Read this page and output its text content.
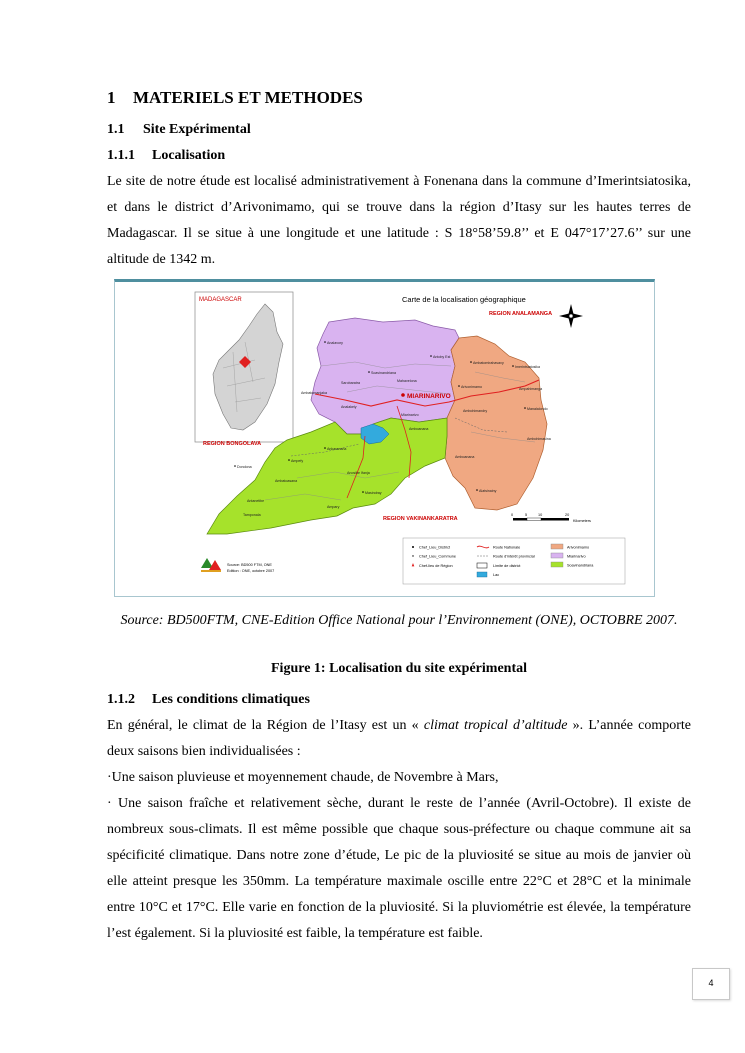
1 MATERIELS ET METHODES
1.1 Site Expérimental
1.1.1 Localisation
Le site de notre étude est localisé administrativement à Fonenana dans la commune d’Imerintsiatosika, et dans le district d’Arivonimamo, qui se trouve dans la région d’Itasy sur les hautes terres de Madagascar. Il se situe à une longitude et une latitude : S 18°58’59.8’’ et E 047°17’27.6’’ sur une altitude de 1342 m.
MADAGASCAR	Carte de la localisation géographique
REGION ANALAMANGA
REGION BONGOLAVA
REGION VAKINANKARATRA
MIARINARIVO
Analavory
Soavinandriana
Mahavelona
Antoby Est
Sarobaratra
Ambatomanjaka
Amboanana
Analakely
Miarinarivo
Ambatomirahavavy
Arivonimamo
Imerintsiatosika
Ampahimanga
Ambohimandry	Manalalondo
Ambohimasina
Amboanana
Alatsinainy
Ampefy
Ankaranana
Dondona
Antanetibe
Masindray
Anosibe Ifanja
Ampary
Ambatoasana
Tamponala	0	5	10	20
Kilometers
Chef_Lieu_District
Chef_Lieu_Commune
Chef-lieu de Région
Route Nationale
Route d'intérêt provincial
Limite de district
Lac
Arivonimamo
Miarinarivo
Soavinandriana
Source: BD500 FTM, ONE
Edition : ONE, octobre 2007
Source: BD500FTM, CNE-Edition Office National pour l’Environnement (ONE), OCTOBRE 2007.
Figure 1: Localisation du site expérimental
1.1.2 Les conditions climatiques
En général, le climat de la Région de l’Itasy est un « climat tropical d’altitude ». L’année comporte deux saisons bien individualisées :
·Une saison pluvieuse et moyennement chaude, de Novembre à Mars,
· Une saison fraîche et relativement sèche, durant le reste de l’année (Avril-Octobre). Il existe de nombreux sous-climats. Il est même possible que chaque sous-préfecture ou chaque commune ait sa spécificité climatique. Dans notre zone d’étude, Le pic de la pluviosité se situe au mois de janvier où elle atteint presque les 350mm. La température maximale oscille entre 22°C et 28°C et la minimale entre 10°C et 17°C. Elle varie en fonction de la pluviosité. Si la pluviométrie est élevée, la température l’est également. Si la pluviosité est faible, la température est faible.
4
